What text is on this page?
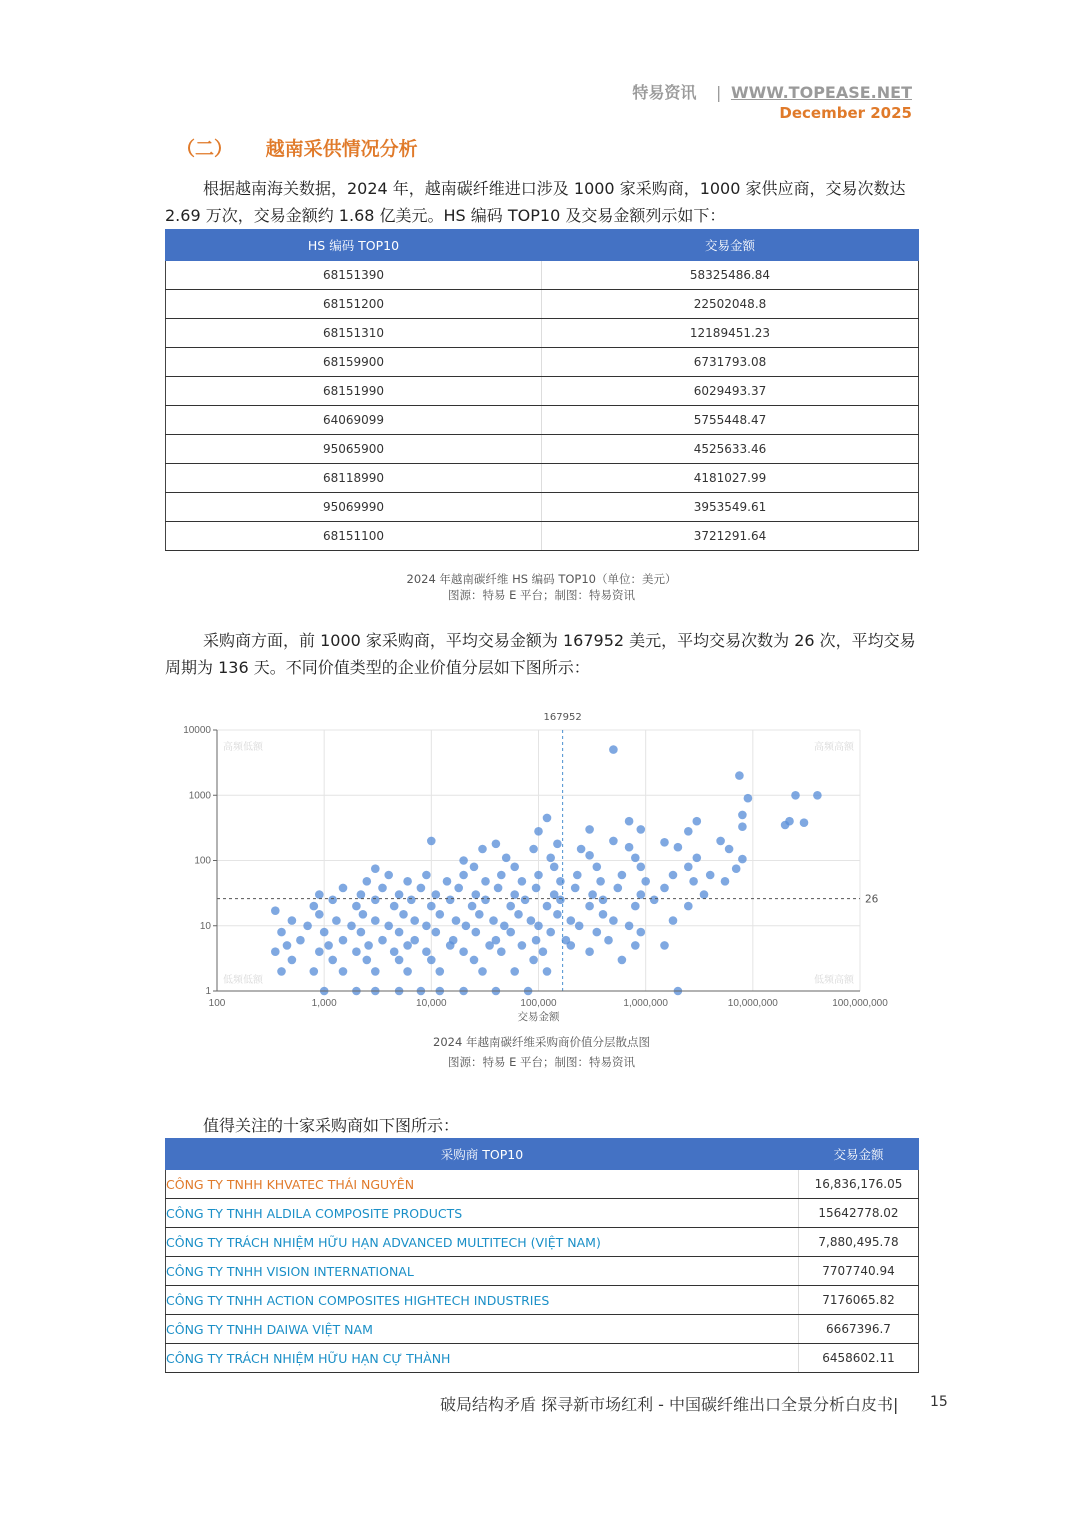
特易资讯 | WWW.TOPEASE.NET
December 2025
（二） 越南采供情况分析

根据越南海关数据，2024 年，越南碳纤维进口涉及 1000 家采购商，1000 家供应商，交易次数达 2.69 万次，交易金额约 1.68 亿美元。HS 编码 TOP10 及交易金额列示如下：

HS 编码 TOP10	交易金额
68151390	58325486.84
68151200	22502048.8
68151310	12189451.23
68159900	6731793.08
68151990	6029493.37
64069099	5755448.47
95065900	4525633.46
68118990	4181027.99
95069990	3953549.61
68151100	3721291.64
2024 年越南碳纤维 HS 编码 TOP10（单位：美元）
图源：特易 E 平台；制图：特易资讯

采购商方面，前 1000 家采购商，平均交易金额为 167952 美元，平均交易次数为 26 次，平均交易周期为 136 天。不同价值类型的企业价值分层如下图所示：

高频低额	高频高额
低频低额	低频高额
167952
26
100	1,000	10,000	100,000	1,000,000	10,000,000	100,000,000
1
10
100
1000
10000
交易金额
2024 年越南碳纤维采购商价值分层散点图
图源：特易 E 平台；制图：特易资讯

值得关注的十家采购商如下图所示：

采购商 TOP10	交易金额
CÔNG TY TNHH KHVATEC THÁI NGUYÊN	16,836,176.05
CÔNG TY TNHH ALDILA COMPOSITE PRODUCTS	15642778.02
CÔNG TY TRÁCH NHIỆM HỮU HẠN ADVANCED MULTITECH (VIỆT NAM)	7,880,495.78
CÔNG TY TNHH VISION INTERNATIONAL	7707740.94
CÔNG TY TNHH ACTION COMPOSITES HIGHTECH INDUSTRIES	7176065.82
CÔNG TY TNHH DAIWA VIỆT NAM	6667396.7
CÔNG TY TRÁCH NHIỆM HỮU HẠN CỰ THÀNH	6458602.11
破局结构矛盾 探寻新市场红利 - 中国碳纤维出口全景分析白皮书| 15
